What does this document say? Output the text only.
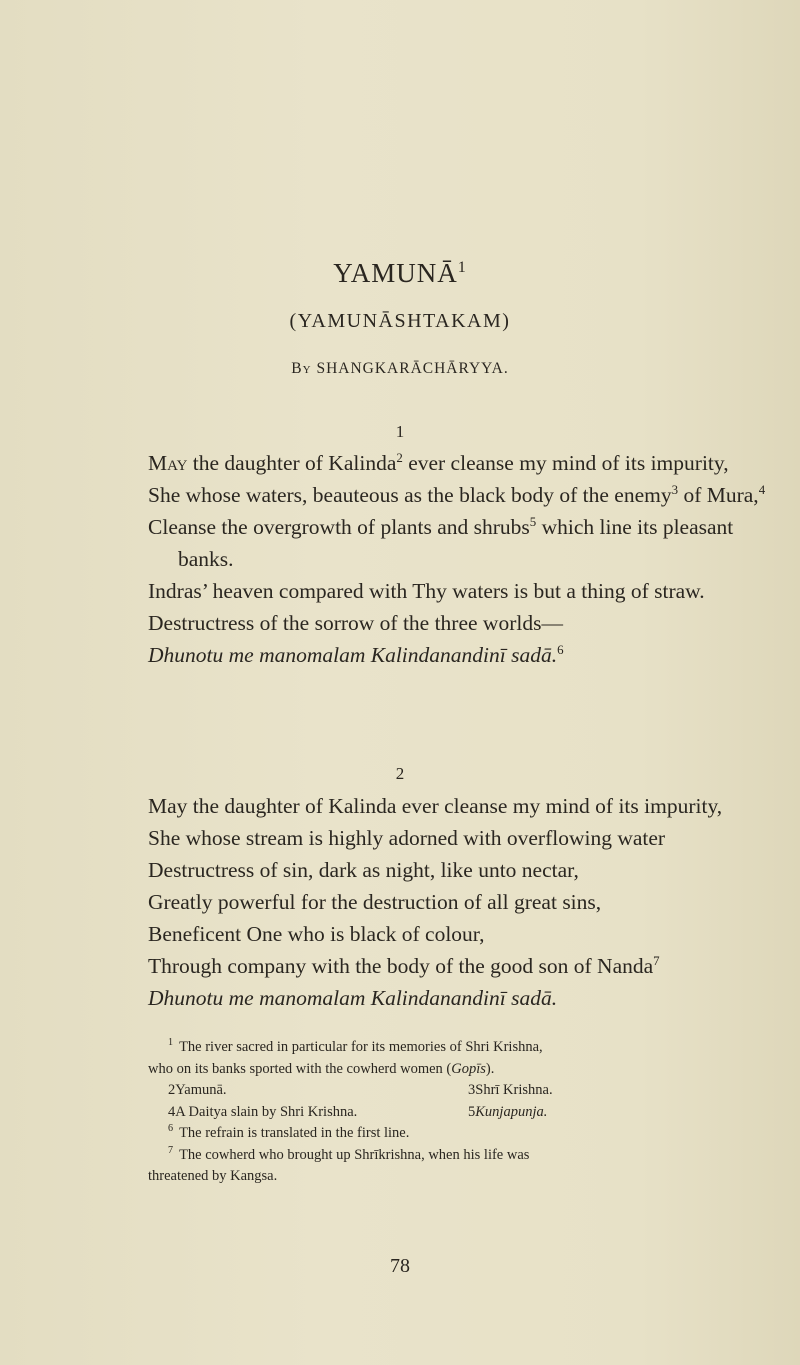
YAMUNĀ$^1$
(YAMUNĀSHTAKAM)
By SHANGKARĀCHĀRYYA.
1
May the daughter of Kalinda$^2$ ever cleanse my mind of its impurity,
She whose waters, beauteous as the black body of the enemy$^3$ of Mura,$^4$
Cleanse the overgrowth of plants and shrubs$^5$ which line its pleasant banks.
Indras’ heaven compared with Thy waters is but a thing of straw.
Destructress of the sorrow of the three worlds—
Dhunotu me manomalam Kalindanandinī sadā.$^6$
2
May the daughter of Kalinda ever cleanse my mind of its impurity,
She whose stream is highly adorned with overflowing water
Destructress of sin, dark as night, like unto nectar,
Greatly powerful for the destruction of all great sins,
Beneficent One who is black of colour,
Through company with the body of the good son of Nanda$^7$
Dhunotu me manomalam Kalindanandinī sadā.
$^1$ The river sacred in particular for its memories of Shri Krishna,
who on its banks sported with the cowherd women (Gopīs).
2Yamunā.	3Shrī Krishna.
4A Daitya slain by Shri Krishna.	5Kunjapunja.
$^6$ The refrain is translated in the first line.
$^7$ The cowherd who brought up Shrīkrishna, when his life was
threatened by Kangsa.
78
